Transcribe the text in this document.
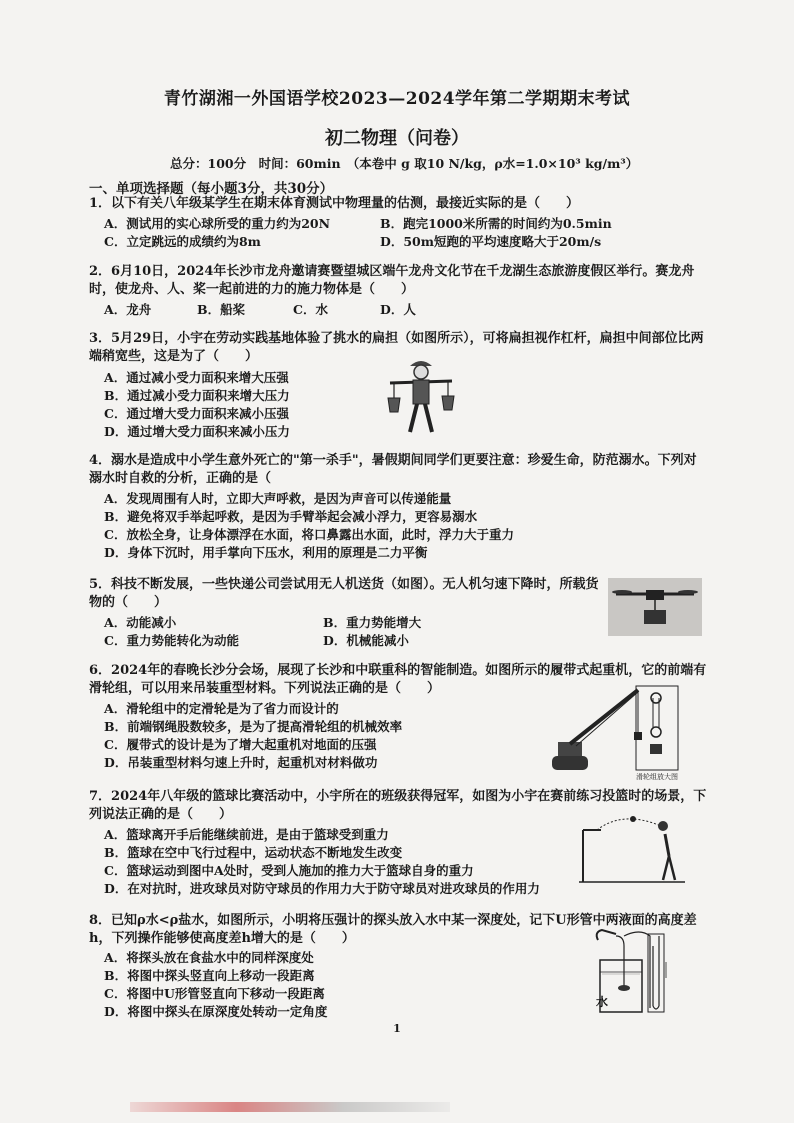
青竹湖湘一外国语学校2023—2024学年第二学期期末考试
初二物理（问卷）
总分：100分　时间：60min　（本卷中 g 取10 N/kg，ρ水=1.0×10³ kg/m³）
一、单项选择题（每小题3分，共30分）
1．以下有关八年级某学生在期末体育测试中物理量的估测，最接近实际的是（　　）
A．测试用的实心球所受的重力约为20N	B．跑完1000米所需的时间约为0.5min
C．立定跳远的成绩约为8m	D．50m短跑的平均速度略大于20m/s
2．6月10日，2024年长沙市龙舟邀请赛暨望城区端午龙舟文化节在千龙湖生态旅游度假区举行。赛龙舟时，使龙舟、人、桨一起前进的力的施力物体是（　　）
A．龙舟	B．船桨	C．水	D．人
3．5月29日，小宇在劳动实践基地体验了挑水的扁担（如图所示），可将扁担视作杠杆，扁担中间部位比两端稍宽些，这是为了（　　）
A．通过减小受力面积来增大压强
B．通过减小受力面积来增大压力
C．通过增大受力面积来减小压强
D．通过增大受力面积来减小压力
4．溺水是造成中小学生意外死亡的"第一杀手"，暑假期间同学们更要注意：珍爱生命，防范溺水。下列对溺水时自救的分析，正确的是（
A．发现周围有人时，立即大声呼救，是因为声音可以传递能量
B．避免将双手举起呼救，是因为手臂举起会减小浮力，更容易溺水
C．放松全身，让身体漂浮在水面，将口鼻露出水面，此时，浮力大于重力
D．身体下沉时，用手掌向下压水，利用的原理是二力平衡
5．科技不断发展，一些快递公司尝试用无人机送货（如图）。无人机匀速下降时，所载货物的（　　）
A．动能减小	B．重力势能增大
C．重力势能转化为动能	D．机械能减小
6．2024年的春晚长沙分会场，展现了长沙和中联重科的智能制造。如图所示的履带式起重机，它的前端有滑轮组，可以用来吊装重型材料。下列说法正确的是（　　）
A．滑轮组中的定滑轮是为了省力而设计的
B．前端钢绳股数较多，是为了提高滑轮组的机械效率
C．履带式的设计是为了增大起重机对地面的压强
D．吊装重型材料匀速上升时，起重机对材料做功
滑轮组放大图
7．2024年八年级的篮球比赛活动中，小宇所在的班级获得冠军，如图为小宇在赛前练习投篮时的场景，下列说法正确的是（　　）
A．篮球离开手后能继续前进，是由于篮球受到重力
B．篮球在空中飞行过程中，运动状态不断地发生改变
C．篮球运动到图中A处时，受到人施加的推力大于篮球自身的重力
D．在对抗时，进攻球员对防守球员的作用力大于防守球员对进攻球员的作用力
8．已知ρ水<ρ盐水，如图所示，小明将压强计的探头放入水中某一深度处，记下U形管中两液面的高度差h，下列操作能够使高度差h增大的是（　　）
A．将探头放在食盐水中的同样深度处
B．将图中探头竖直向上移动一段距离
C．将图中U形管竖直向下移动一段距离
D．将图中探头在原深度处转动一定角度
水
1
